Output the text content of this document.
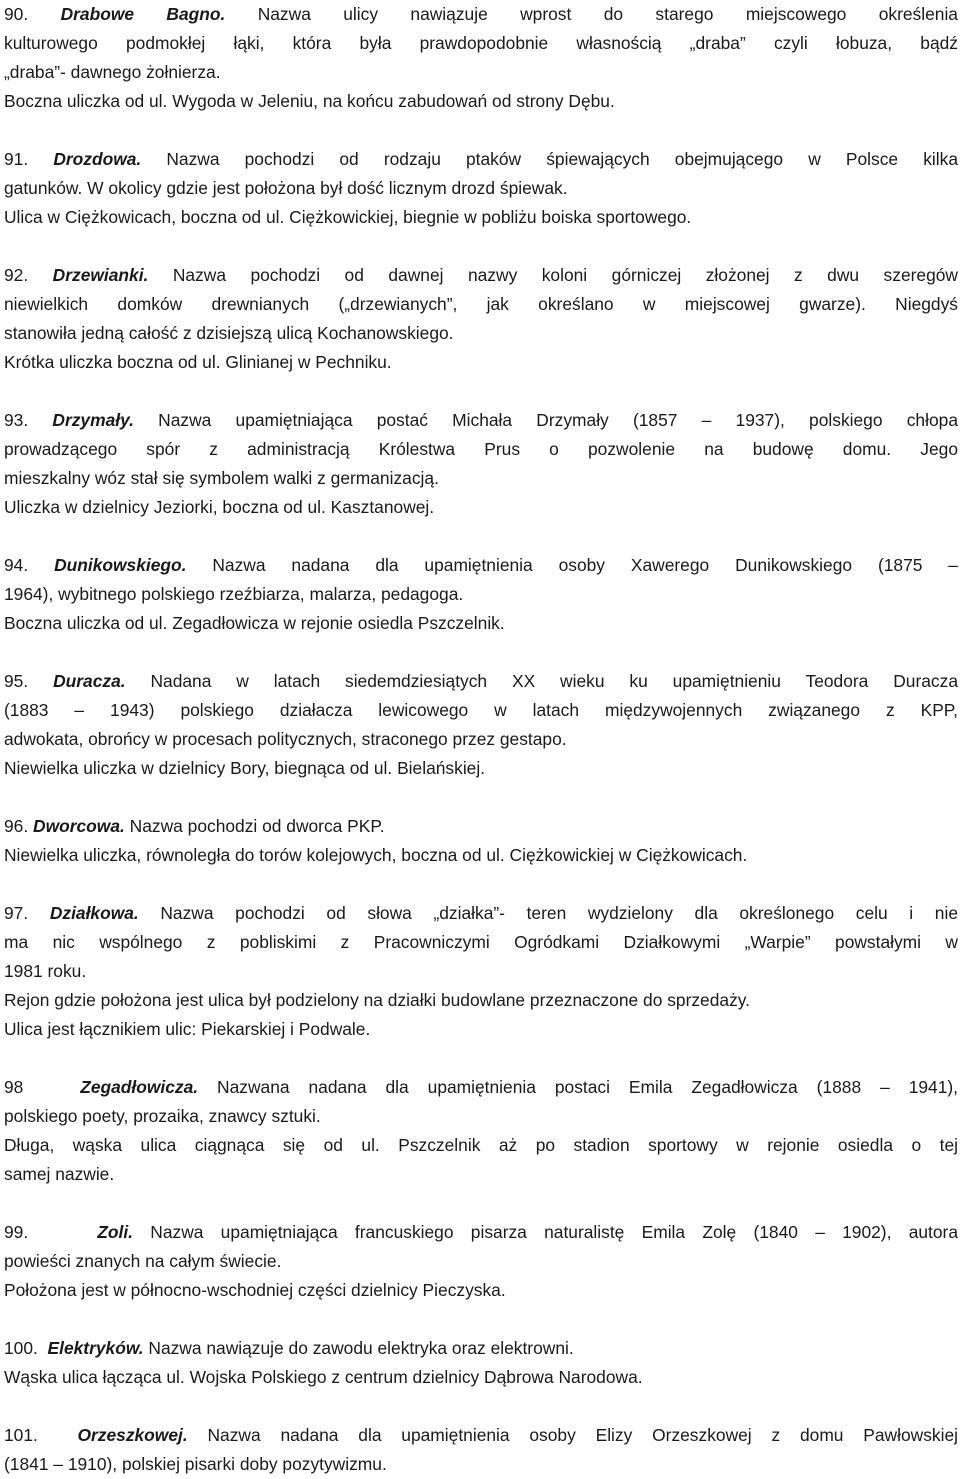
90. Drabowe Bagno. Nazwa ulicy nawiązuje wprost do starego miejscowego określenia
kulturowego podmokłej łąki, która była prawdopodobnie własnością „draba” czyli łobuza, bądź
„draba”- dawnego żołnierza.
Boczna uliczka od ul. Wygoda w Jeleniu, na końcu zabudowań od strony Dębu.
91. Drozdowa. Nazwa pochodzi od rodzaju ptaków śpiewających obejmującego w Polsce kilka
gatunków. W okolicy gdzie jest położona był dość licznym drozd śpiewak.
Ulica w Ciężkowicach, boczna od ul. Ciężkowickiej, biegnie w pobliżu boiska sportowego.
92. Drzewianki. Nazwa pochodzi od dawnej nazwy koloni górniczej złożonej z dwu szeregów
niewielkich domków drewnianych („drzewianych”, jak określano w miejscowej gwarze). Niegdyś
stanowiła jedną całość z dzisiejszą ulicą Kochanowskiego.
Krótka uliczka boczna od ul. Glinianej w Pechniku.
93. Drzymały. Nazwa upamiętniająca postać Michała Drzymały (1857 – 1937), polskiego chłopa
prowadzącego spór z administracją Królestwa Prus o pozwolenie na budowę domu. Jego
mieszkalny wóz stał się symbolem walki z germanizacją.
Uliczka w dzielnicy Jeziorki, boczna od ul. Kasztanowej.
94. Dunikowskiego. Nazwa nadana dla upamiętnienia osoby Xawerego Dunikowskiego (1875 –
1964), wybitnego polskiego rzeźbiarza, malarza, pedagoga.
Boczna uliczka od ul. Zegadłowicza w rejonie osiedla Pszczelnik.
95. Duracza. Nadana w latach siedemdziesiątych XX wieku ku upamiętnieniu Teodora Duracza
(1883 – 1943) polskiego działacza lewicowego w latach międzywojennych związanego z KPP,
adwokata, obrońcy w procesach politycznych, straconego przez gestapo.
Niewielka uliczka w dzielnicy Bory, biegnąca od ul. Bielańskiej.
96. Dworcowa. Nazwa pochodzi od dworca PKP.
Niewielka uliczka, równoległa do torów kolejowych, boczna od ul. Ciężkowickiej w Ciężkowicach.
97. Działkowa. Nazwa pochodzi od słowa „działka”- teren wydzielony dla określonego celu i nie
ma nic wspólnego z pobliskimi z Pracowniczymi Ogródkami Działkowymi „Warpie” powstałymi w
1981 roku.
Rejon gdzie położona jest ulica był podzielony na działki budowlane przeznaczone do sprzedaży.
Ulica jest łącznikiem ulic: Piekarskiej i Podwale.
98	Zegadłowicza. Nazwana nadana dla upamiętnienia postaci Emila Zegadłowicza (1888 – 1941),
polskiego poety, prozaika, znawcy sztuki.
Długa, wąska ulica ciągnąca się od ul. Pszczelnik aż po stadion sportowy w rejonie osiedla o tej
samej nazwie.
99.	Zoli. Nazwa upamiętniająca francuskiego pisarza naturalistę Emila Zolę (1840 – 1902), autora
powieści znanych na całym świecie.
Położona jest w północno-wschodniej części dzielnicy Pieczyska.
100. Elektryków. Nazwa nawiązuje do zawodu elektryka oraz elektrowni.
Wąska ulica łącząca ul. Wojska Polskiego z centrum dzielnicy Dąbrowa Narodowa.
101. Orzeszkowej. Nazwa nadana dla upamiętnienia osoby Elizy Orzeszkowej z domu Pawłowskiej
(1841 – 1910), polskiej pisarki doby pozytywizmu.
